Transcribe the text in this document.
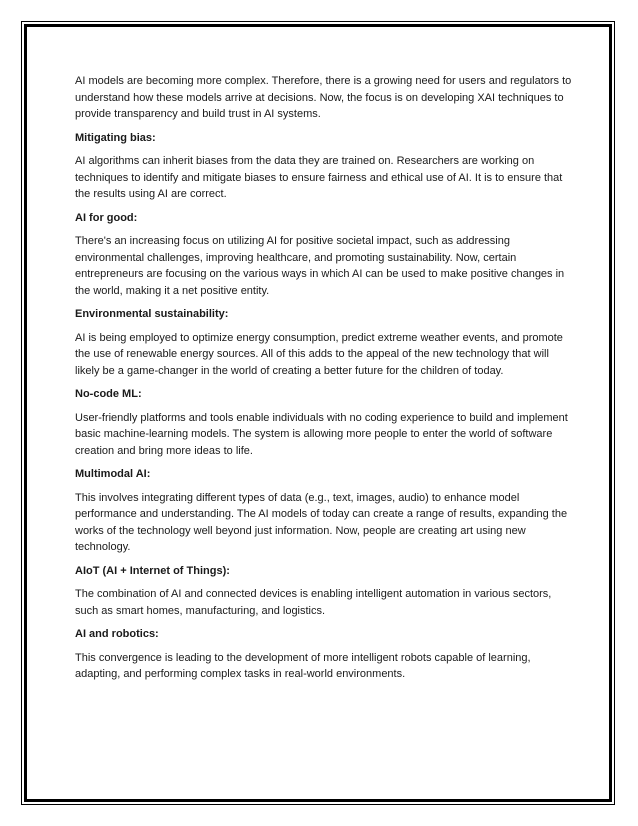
AI models are becoming more complex. Therefore, there is a growing need for users and regulators to understand how these models arrive at decisions. Now, the focus is on developing XAI techniques to provide transparency and build trust in AI systems.

Mitigating bias:

AI algorithms can inherit biases from the data they are trained on. Researchers are working on techniques to identify and mitigate biases to ensure fairness and ethical use of AI. It is to ensure that the results using AI are correct.

AI for good:

There's an increasing focus on utilizing AI for positive societal impact, such as addressing environmental challenges, improving healthcare, and promoting sustainability. Now, certain entrepreneurs are focusing on the various ways in which AI can be used to make positive changes in the world, making it a net positive entity.

Environmental sustainability:

AI is being employed to optimize energy consumption, predict extreme weather events, and promote the use of renewable energy sources. All of this adds to the appeal of the new technology that will likely be a game-changer in the world of creating a better future for the children of today.

No-code ML:

User-friendly platforms and tools enable individuals with no coding experience to build and implement basic machine-learning models. The system is allowing more people to enter the world of software creation and bring more ideas to life.

Multimodal AI:

This involves integrating different types of data (e.g., text, images, audio) to enhance model performance and understanding. The AI models of today can create a range of results, expanding the works of the technology well beyond just information. Now, people are creating art using new technology.

AIoT (AI + Internet of Things):

The combination of AI and connected devices is enabling intelligent automation in various sectors, such as smart homes, manufacturing, and logistics.

AI and robotics:

This convergence is leading to the development of more intelligent robots capable of learning, adapting, and performing complex tasks in real-world environments.
